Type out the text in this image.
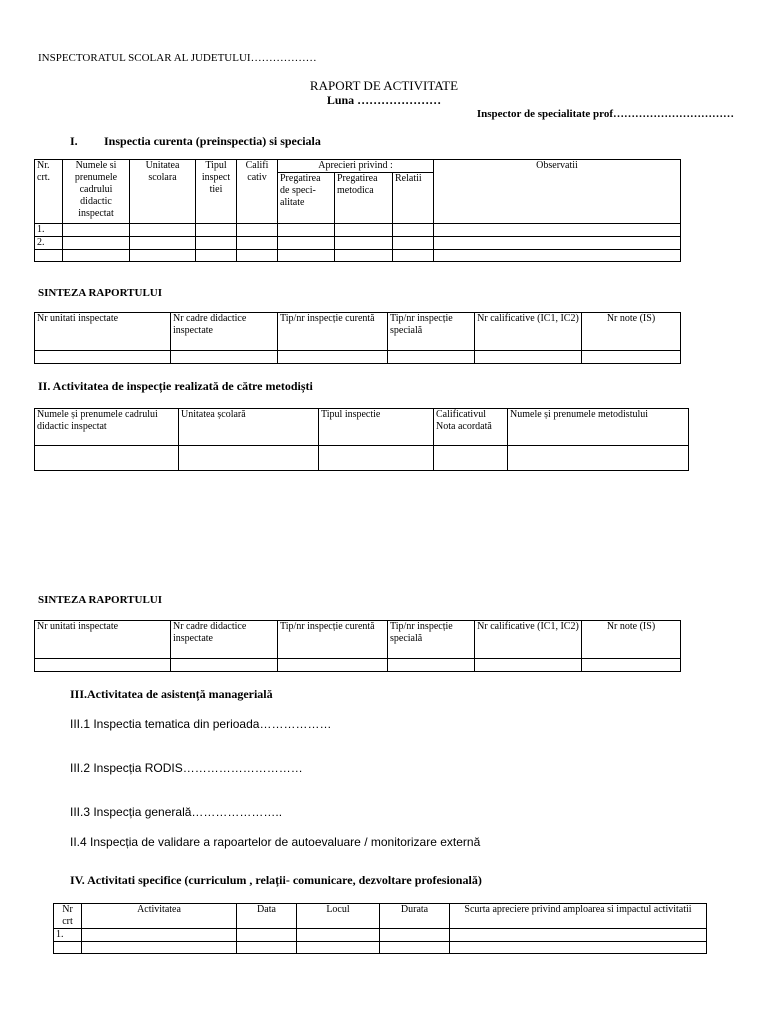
INSPECTORATUL SCOLAR AL JUDETULUI………………
RAPORT DE ACTIVITATE
Luna …………………
Inspector de specialitate prof……………………………
I. Inspectia curenta (preinspectia) si speciala
Nr. crt.	Numele si prenumele cadrului didactic inspectat	Unitatea scolara	Tipul inspect tiei	Califi cativ	Aprecieri privind :			Observatii
					Pregatirea de speci-alitate	Pregatirea metodica	Relatii	
1.								
2.								

SINTEZA RAPORTULUI
Nr unitati inspectate	Nr cadre didactice inspectate	Tip/nr inspecție curentă	Tip/nr inspecție specială	Nr calificative (IC1, IC2)	Nr note (IS)

II. Activitatea de inspecție realizată de către metodiști
Numele și prenumele cadrului didactic inspectat	Unitatea școlară	Tipul inspectie	Calificativul Nota acordată	Numele și prenumele metodistului

SINTEZA RAPORTULUI
Nr unitati inspectate	Nr cadre didactice inspectate	Tip/nr inspecție curentă	Tip/nr inspecție specială	Nr calificative (IC1, IC2)	Nr note (IS)

III.Activitatea de asistență managerială
III.1 Inspectia tematica din perioada………………
III.2 Inspecția RODIS…………………………
III.3 Inspecția generală…………………..
II.4 Inspecția de validare a rapoartelor de autoevaluare / monitorizare externă
IV. Activitati specifice (curriculum , relații- comunicare, dezvoltare profesională)
Nr crt	Activitatea	Data	Locul	Durata	Scurta apreciere privind amploarea si impactul activitatii
1.					
